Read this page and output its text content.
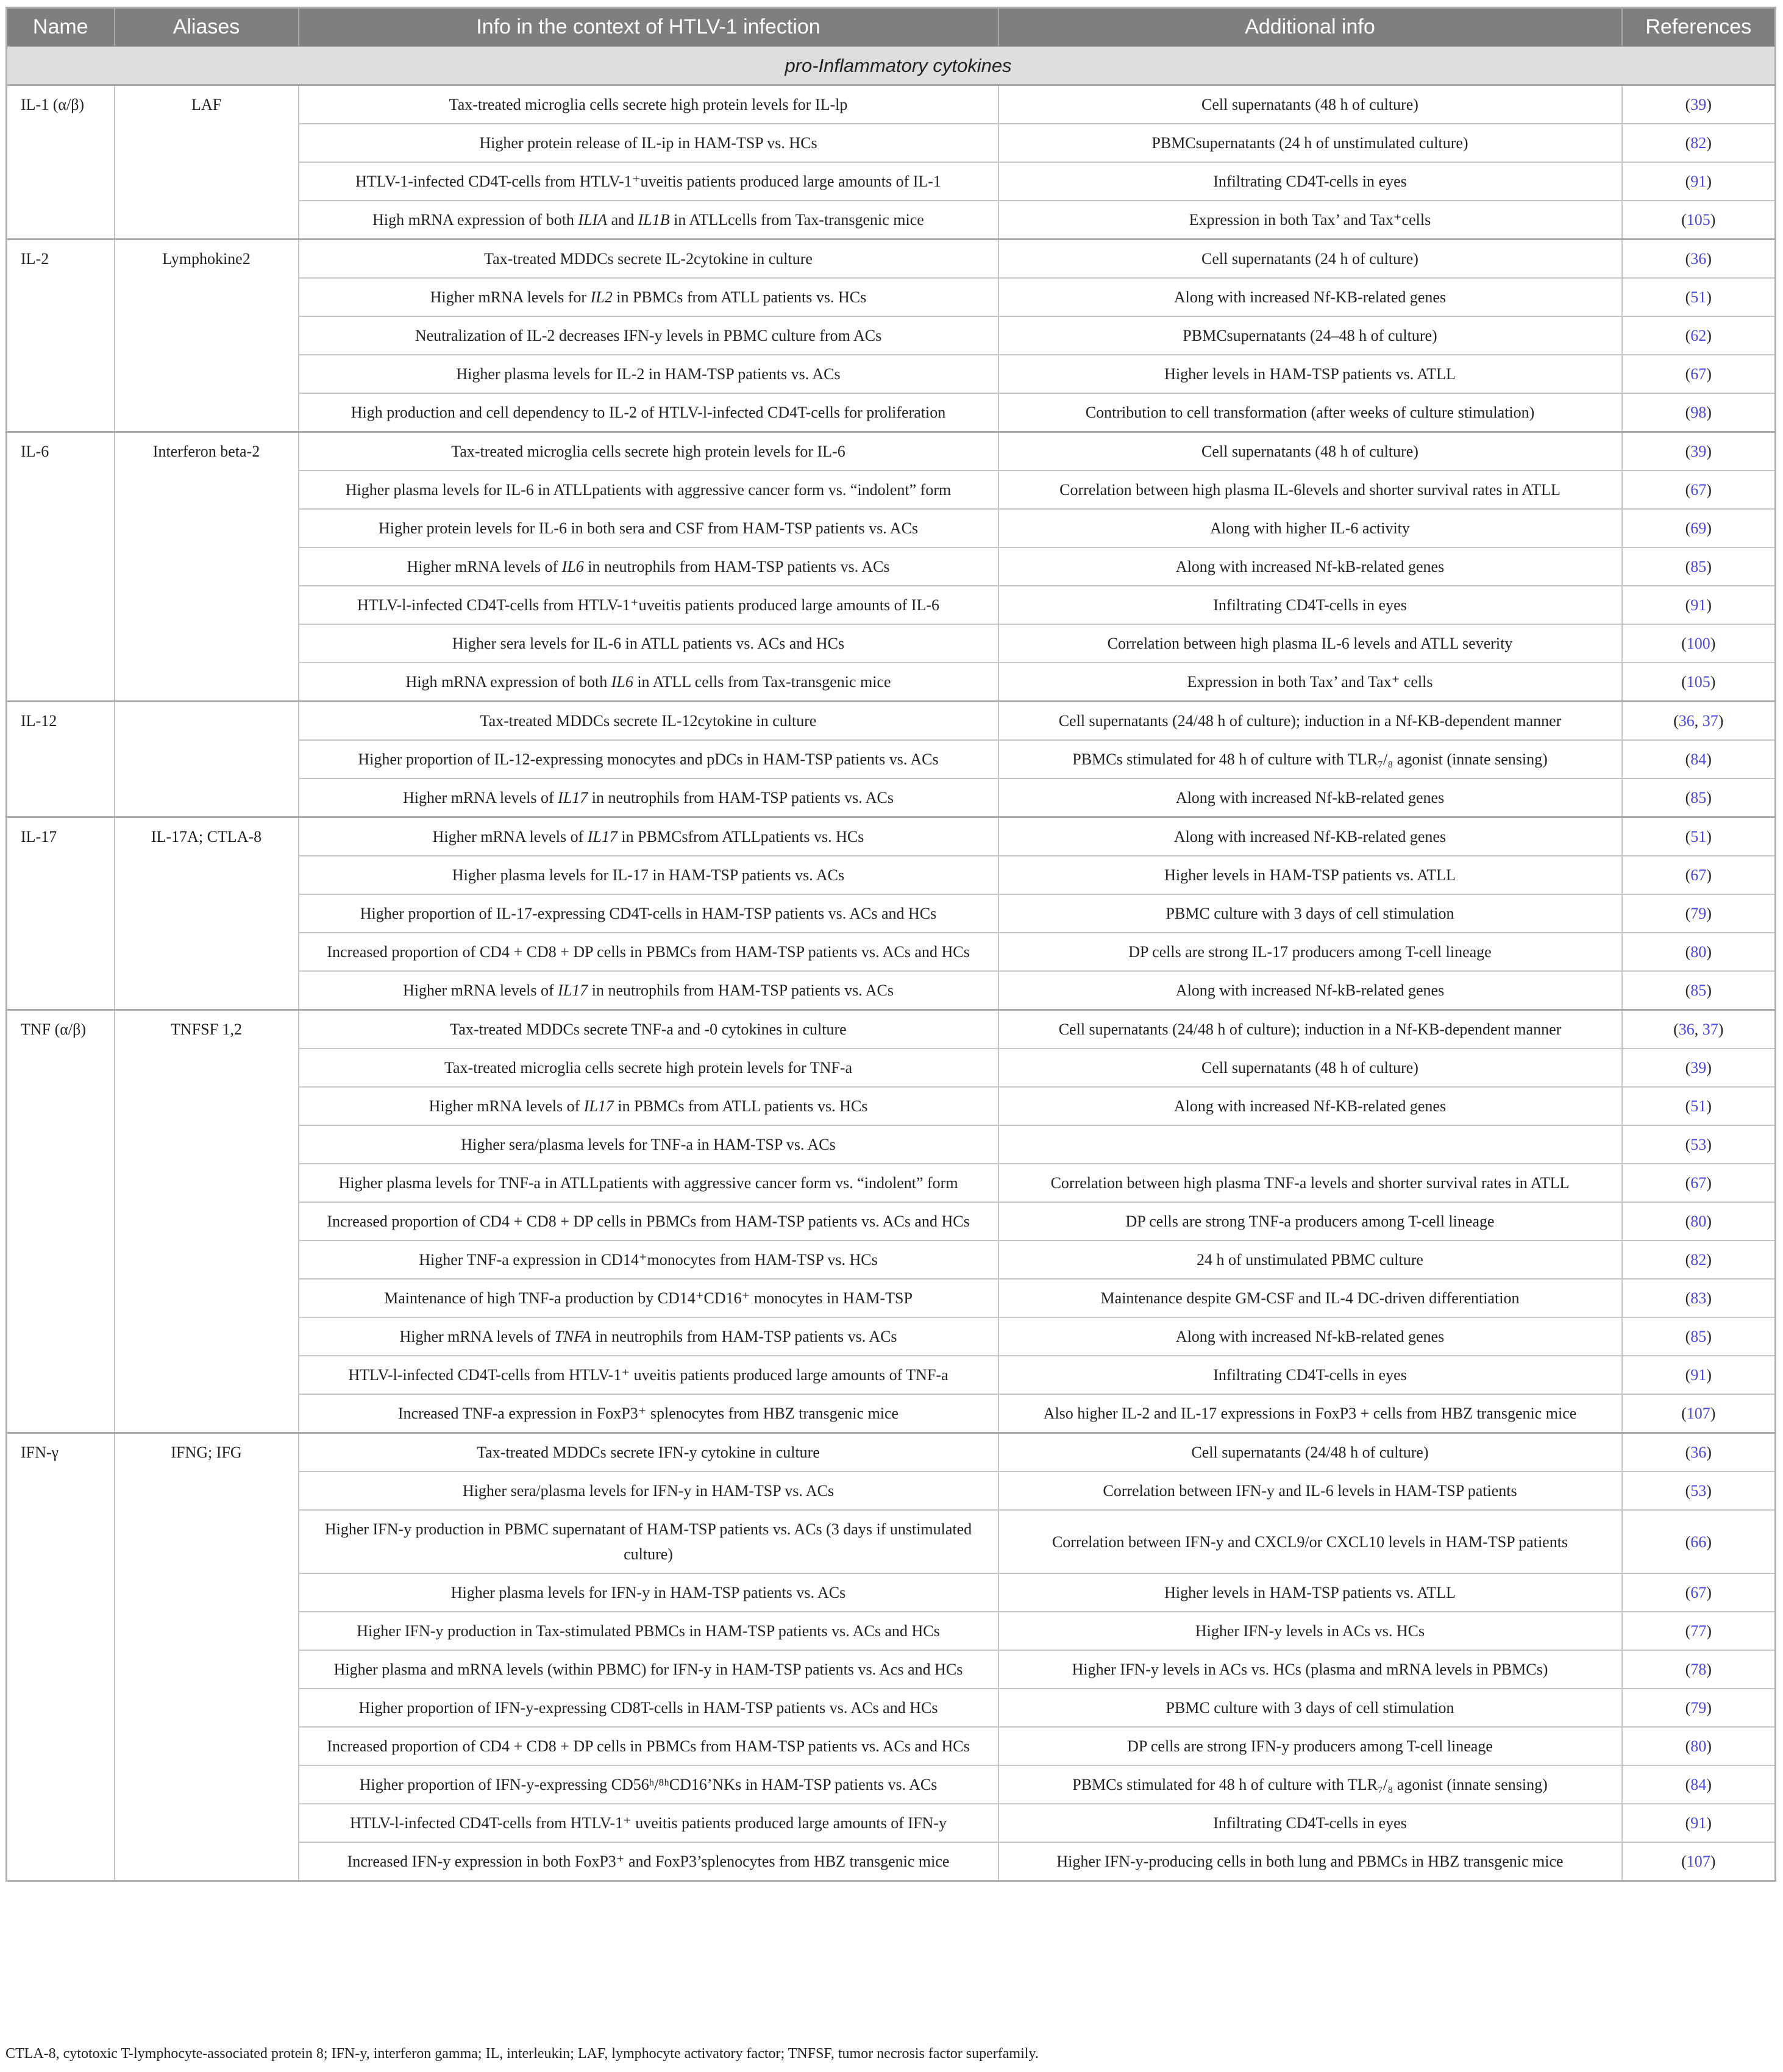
Name	Aliases	Info in the context of HTLV-1 infection	Additional info	References
pro-Inflammatory cytokines				
IL-1 (α/β)	LAF	Tax-treated microglia cells secrete high protein levels for IL-lp	Cell supernatants (48 h of culture)	(39)
		Higher protein release of IL-ip in HAM-TSP vs. HCs	PBMCsupernatants (24 h of unstimulated culture)	(82)
		HTLV-1-infected CD4T-cells from HTLV-1⁺uveitis patients produced large amounts of IL-1	Infiltrating CD4T-cells in eyes	(91)
		High mRNA expression of both ILIA and IL1B in ATLLcells from Tax-transgenic mice	Expression in both Tax’ and Tax⁺cells	(105)
IL-2	Lymphokine2	Tax-treated MDDCs secrete IL-2cytokine in culture	Cell supernatants (24 h of culture)	(36)
		Higher mRNA levels for IL2 in PBMCs from ATLL patients vs. HCs	Along with increased Nf-KB-related genes	(51)
		Neutralization of IL-2 decreases IFN-y levels in PBMC culture from ACs	PBMCsupernatants (24–48 h of culture)	(62)
		Higher plasma levels for IL-2 in HAM-TSP patients vs. ACs	Higher levels in HAM-TSP patients vs. ATLL	(67)
		High production and cell dependency to IL-2 of HTLV-l-infected CD4T-cells for proliferation	Contribution to cell transformation (after weeks of culture stimulation)	(98)
IL-6	Interferon beta-2	Tax-treated microglia cells secrete high protein levels for IL-6	Cell supernatants (48 h of culture)	(39)
		Higher plasma levels for IL-6 in ATLLpatients with aggressive cancer form vs. “indolent” form	Correlation between high plasma IL-6levels and shorter survival rates in ATLL	(67)
		Higher protein levels for IL-6 in both sera and CSF from HAM-TSP patients vs. ACs	Along with higher IL-6 activity	(69)
		Higher mRNA levels of IL6 in neutrophils from HAM-TSP patients vs. ACs	Along with increased Nf-kB-related genes	(85)
		HTLV-l-infected CD4T-cells from HTLV-1⁺uveitis patients produced large amounts of IL-6	Infiltrating CD4T-cells in eyes	(91)
		Higher sera levels for IL-6 in ATLL patients vs. ACs and HCs	Correlation between high plasma IL-6 levels and ATLL severity	(100)
		High mRNA expression of both IL6 in ATLL cells from Tax-transgenic mice	Expression in both Tax’ and Tax⁺ cells	(105)
IL-12		Tax-treated MDDCs secrete IL-12cytokine in culture	Cell supernatants (24/48 h of culture); induction in a Nf-KB-dependent manner	(36, 37)
		Higher proportion of IL-12-expressing monocytes and pDCs in HAM-TSP patients vs. ACs	PBMCs stimulated for 48 h of culture with TLR₇/₈ agonist (innate sensing)	(84)
		Higher mRNA levels of IL17 in neutrophils from HAM-TSP patients vs. ACs	Along with increased Nf-kB-related genes	(85)
IL-17	IL-17A; CTLA-8	Higher mRNA levels of IL17 in PBMCsfrom ATLLpatients vs. HCs	Along with increased Nf-KB-related genes	(51)
		Higher plasma levels for IL-17 in HAM-TSP patients vs. ACs	Higher levels in HAM-TSP patients vs. ATLL	(67)
		Higher proportion of IL-17-expressing CD4T-cells in HAM-TSP patients vs. ACs and HCs	PBMC culture with 3 days of cell stimulation	(79)
		Increased proportion of CD4 + CD8 + DP cells in PBMCs from HAM-TSP patients vs. ACs and HCs	DP cells are strong IL-17 producers among T-cell lineage	(80)
		Higher mRNA levels of IL17 in neutrophils from HAM-TSP patients vs. ACs	Along with increased Nf-kB-related genes	(85)
TNF (α/β)	TNFSF 1,2	Tax-treated MDDCs secrete TNF-a and -0 cytokines in culture	Cell supernatants (24/48 h of culture); induction in a Nf-KB-dependent manner	(36, 37)
		Tax-treated microglia cells secrete high protein levels for TNF-a	Cell supernatants (48 h of culture)	(39)
		Higher mRNA levels of IL17 in PBMCs from ATLL patients vs. HCs	Along with increased Nf-KB-related genes	(51)
		Higher sera/plasma levels for TNF-a in HAM-TSP vs. ACs		(53)
		Higher plasma levels for TNF-a in ATLLpatients with aggressive cancer form vs. “indolent” form	Correlation between high plasma TNF-a levels and shorter survival rates in ATLL	(67)
		Increased proportion of CD4 + CD8 + DP cells in PBMCs from HAM-TSP patients vs. ACs and HCs	DP cells are strong TNF-a producers among T-cell lineage	(80)
		Higher TNF-a expression in CD14⁺monocytes from HAM-TSP vs. HCs	24 h of unstimulated PBMC culture	(82)
		Maintenance of high TNF-a production by CD14⁺CD16⁺ monocytes in HAM-TSP	Maintenance despite GM-CSF and IL-4 DC-driven differentiation	(83)
		Higher mRNA levels of TNFA in neutrophils from HAM-TSP patients vs. ACs	Along with increased Nf-kB-related genes	(85)
		HTLV-l-infected CD4T-cells from HTLV-1⁺ uveitis patients produced large amounts of TNF-a	Infiltrating CD4T-cells in eyes	(91)
		Increased TNF-a expression in FoxP3⁺ splenocytes from HBZ transgenic mice	Also higher IL-2 and IL-17 expressions in FoxP3 + cells from HBZ transgenic mice	(107)
IFN-γ	IFNG; IFG	Tax-treated MDDCs secrete IFN-y cytokine in culture	Cell supernatants (24/48 h of culture)	(36)
		Higher sera/plasma levels for IFN-y in HAM-TSP vs. ACs	Correlation between IFN-y and IL-6 levels in HAM-TSP patients	(53)
		Higher IFN-y production in PBMC supernatant of HAM-TSP patients vs. ACs (3 days if unstimulated culture)	Correlation between IFN-y and CXCL9/or CXCL10 levels in HAM-TSP patients	(66)
		Higher plasma levels for IFN-y in HAM-TSP patients vs. ACs	Higher levels in HAM-TSP patients vs. ATLL	(67)
		Higher IFN-y production in Tax-stimulated PBMCs in HAM-TSP patients vs. ACs and HCs	Higher IFN-y levels in ACs vs. HCs	(77)
		Higher plasma and mRNA levels (within PBMC) for IFN-y in HAM-TSP patients vs. Acs and HCs	Higher IFN-y levels in ACs vs. HCs (plasma and mRNA levels in PBMCs)	(78)
		Higher proportion of IFN-y-expressing CD8T-cells in HAM-TSP patients vs. ACs and HCs	PBMC culture with 3 days of cell stimulation	(79)
		Increased proportion of CD4 + CD8 + DP cells in PBMCs from HAM-TSP patients vs. ACs and HCs	DP cells are strong IFN-y producers among T-cell lineage	(80)
		Higher proportion of IFN-y-expressing CD56ʰ/⁸ʰCD16’NKs in HAM-TSP patients vs. ACs	PBMCs stimulated for 48 h of culture with TLR₇/₈ agonist (innate sensing)	(84)
		HTLV-l-infected CD4T-cells from HTLV-1⁺ uveitis patients produced large amounts of IFN-y	Infiltrating CD4T-cells in eyes	(91)
		Increased IFN-y expression in both FoxP3⁺ and FoxP3’splenocytes from HBZ transgenic mice	Higher IFN-y-producing cells in both lung and PBMCs in HBZ transgenic mice	(107)
CTLA-8, cytotoxic T-lymphocyte-associated protein 8; IFN-y, interferon gamma; IL, interleukin; LAF, lymphocyte activatory factor; TNFSF, tumor necrosis factor superfamily.
